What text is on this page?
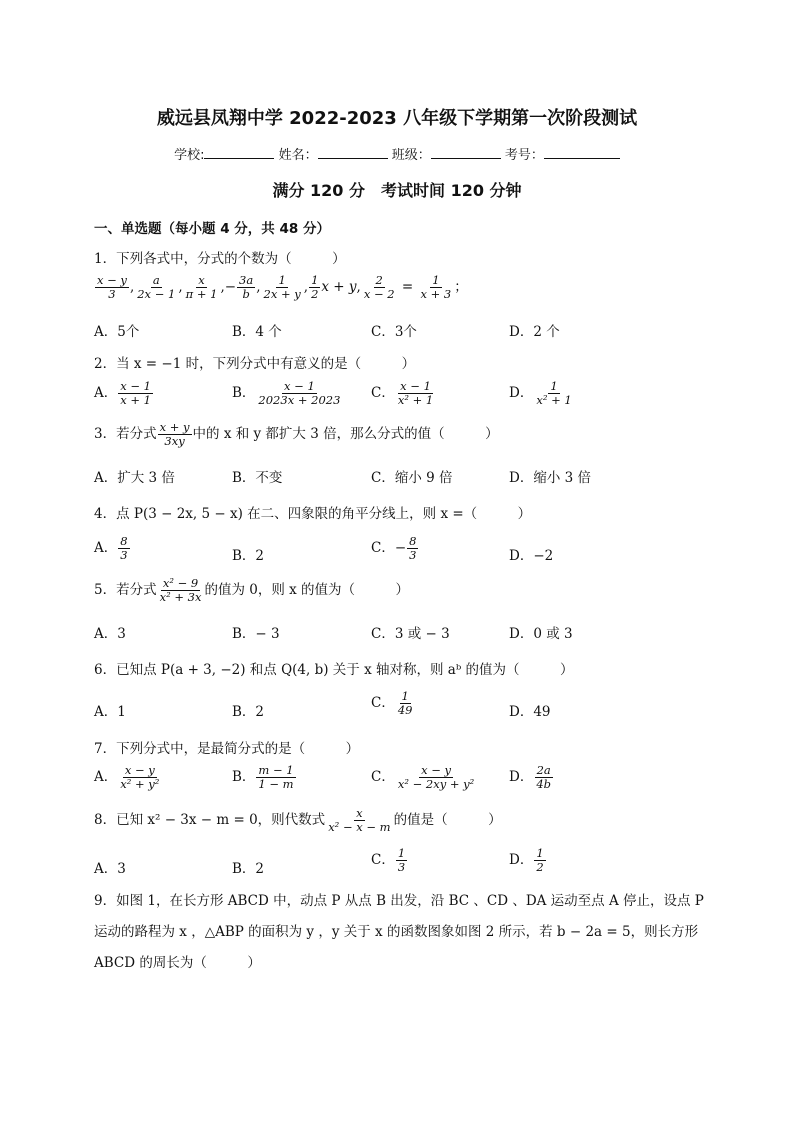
威远县凤翔中学 2022-2023 八年级下学期第一次阶段测试
学校:	姓名：	班级：	考号：
满分 120 分　考试时间 120 分钟
一、单选题（每小题 4 分，共 48 分）
1．下列各式中，分式的个数为（　　　）
$\frac{x - y}{3}$ , $\frac{a}{2x - 1}$ , $\frac{x}{\pi + 1}$ ,− $\frac{3a}{b}$ , $\frac{1}{2x + y}$ , $\frac{1}{2}$ x + y, $\frac{2}{x - 2} = \frac{1}{x + 3}$ ；
A．5个	B．4 个	C．3个	D．2 个
2．当 x = −1 时，下列分式中有意义的是（　　　）
A． $\frac{x - 1}{x + 1}$	B． $\frac{x - 1}{2023x + 2023}$ C． $\frac{x - 1}{\text{x² + 1}}$	D． $\frac{1}{\text{x² + 1}}$
3．若分式 $\frac{x + y}{3xy}$ 中的 x 和 y 都扩大 3 倍，那么分式的值（　　　）
A．扩大 3 倍	B．不变	C．缩小 9 倍	D．缩小 3 倍
4．点 P(3 − 2x, 5 − x) 在二、四象限的角平分线上，则 x =（　　　）
A． $\frac{8}{3}$	B．2	C．− $\frac{8}{3}$	D．−2
5．若分式 $\frac{\text{x² − 9}}{\text{x² + 3x}}$ 的值为 0，则 x 的值为（　　　）
A．3	B．− 3	C．3 或 − 3	D．0 或 3
6．已知点 P(a + 3, −2) 和点 Q(4, b) 关于 x 轴对称，则 aᵇ 的值为（　　　）
A．1	B．2
C． $\frac{1}{49}$	D．49
7．下列分式中，是最简分式的是（　　　）
A． $\frac{x - y}{\text{x² + y²}}$	B． $\frac{m - 1}{1 - m}$	C． $\frac{x - y}{\text{x² − 2xy + y²}}$ D． $\frac{2a}{4b}$
8．已知 x² − 3x − m = 0，则代数式 $\frac{x}{\text{x² − x − m}}$ 的值是（　　　）
A．3	B．2
C． $\frac{1}{3}$	D． $\frac{1}{2}$
9．如图 1，在长方形 ABCD 中，动点 P 从点 B 出发，沿 BC 、CD 、DA 运动至点 A 停止，设点 P 运动的路程为 x ，△ABP 的面积为 y ，y 关于 x 的函数图象如图 2 所示，若 b − 2a = 5，则长方形 ABCD 的周长为（　　　）
